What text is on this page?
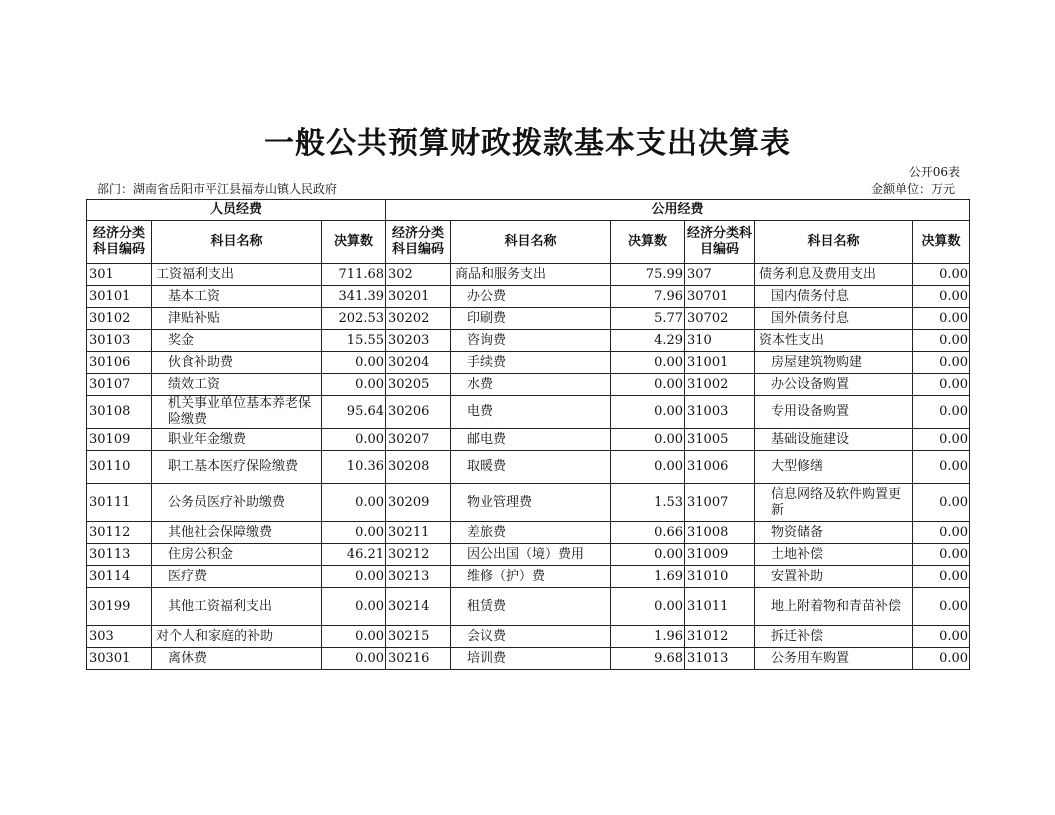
一般公共预算财政拨款基本支出决算表
公开06表
部门：湖南省岳阳市平江县福寿山镇人民政府	金额单位：万元
人员经费			公用经费					
经济分类科目编码	科目名称	决算数	经济分类科目编码	科目名称	决算数	经济分类科目编码	科目名称	决算数
301	工资福利支出	711.68	302	商品和服务支出	75.99	307	债务利息及费用支出	0.00
30101	基本工资	341.39	30201	办公费	7.96	30701	国内债务付息	0.00
30102	津贴补贴	202.53	30202	印刷费	5.77	30702	国外债务付息	0.00
30103	奖金	15.55	30203	咨询费	4.29	310	资本性支出	0.00
30106	伙食补助费	0.00	30204	手续费	0.00	31001	房屋建筑物购建	0.00
30107	绩效工资	0.00	30205	水费	0.00	31002	办公设备购置	0.00
30108	机关事业单位基本养老保险缴费	95.64	30206	电费	0.00	31003	专用设备购置	0.00
30109	职业年金缴费	0.00	30207	邮电费	0.00	31005	基础设施建设	0.00
30110	职工基本医疗保险缴费	10.36	30208	取暖费	0.00	31006	大型修缮	0.00
30111	公务员医疗补助缴费	0.00	30209	物业管理费	1.53	31007	信息网络及软件购置更新	0.00
30112	其他社会保障缴费	0.00	30211	差旅费	0.66	31008	物资储备	0.00
30113	住房公积金	46.21	30212	因公出国（境）费用	0.00	31009	土地补偿	0.00
30114	医疗费	0.00	30213	维修（护）费	1.69	31010	安置补助	0.00
30199	其他工资福利支出	0.00	30214	租赁费	0.00	31011	地上附着物和青苗补偿	0.00
303	对个人和家庭的补助	0.00	30215	会议费	1.96	31012	拆迁补偿	0.00
30301	离休费	0.00	30216	培训费	9.68	31013	公务用车购置	0.00
